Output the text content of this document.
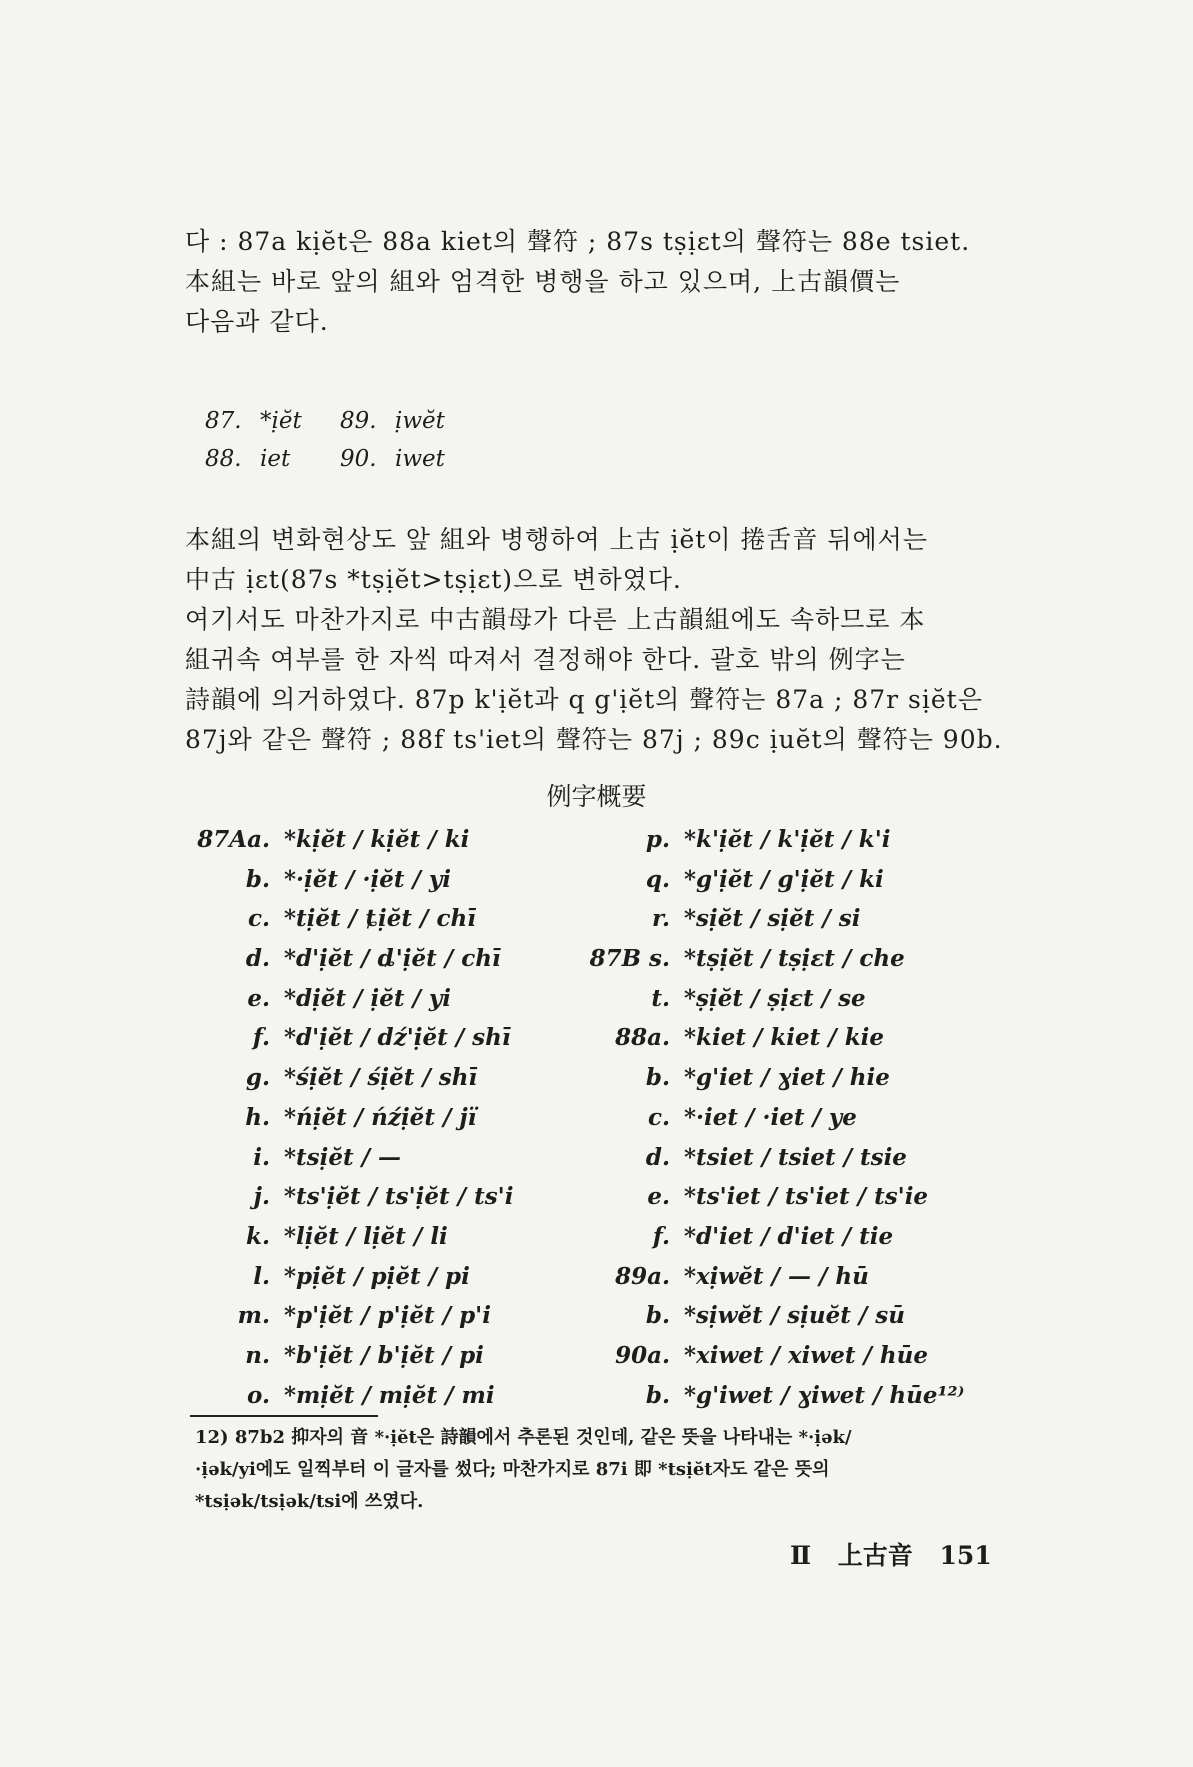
다 : 87a kịĕt은 88a kiet의 聲符 ; 87s tṣịɛt의 聲符는 88e tsiet.
本組는 바로 앞의 組와 엄격한 병행을 하고 있으며, 上古韻價는
다음과 같다.
87. *ịĕt	89. ịwĕt
88. iet	90. iwet
本組의 변화현상도 앞 組와 병행하여 上古 ịĕt이 捲舌音 뒤에서는
中古 ịɛt(87s *tṣịĕt>tṣịɛt)으로 변하였다.
여기서도 마찬가지로 中古韻母가 다른 上古韻組에도 속하므로 本
組귀속 여부를 한 자씩 따져서 결정해야 한다. 괄호 밖의 例字는
詩韻에 의거하였다. 87p k'ịĕt과 q g'ịĕt의 聲符는 87a ; 87r sịĕt은
87j와 같은 聲符 ; 88f ts'iet의 聲符는 87j ; 89c ịuĕt의 聲符는 90b.
例字概要
87Aa. *kịĕt / kịĕt / ki
b. *·ịĕt / ·ịĕt / yi
c. *tịĕt / ȶịĕt / chī
d. *d'ịĕt / ȡ'ịĕt / chī
e. *dịĕt / ịĕt / yi
f. *d'ịĕt / dź'ịĕt / shī
g. *śịĕt / śịĕt / shī
h. *ńịĕt / ńźịĕt / jï
i. *tsịĕt / —
j. *ts'ịĕt / ts'ịĕt / ts'i
k. *lịĕt / lịĕt / li
l. *pịĕt / pịĕt / pi
m. *p'ịĕt / p'ịĕt / p'i
n. *b'ịĕt / b'ịĕt / pi
o. *mịĕt / mịĕt / mi
p. *k'ịĕt / k'ịĕt / k'i
q. *g'ịĕt / g'ịĕt / ki
r. *sịĕt / sịĕt / si
87B s. *tṣịĕt / tṣịɛt / che
t. *ṣịĕt / ṣịɛt / se
88a. *kiet / kiet / kie
b. *g'iet / ɣiet / hie
c. *·iet / ·iet / ye
d. *tsiet / tsiet / tsie
e. *ts'iet / ts'iet / ts'ie
f. *d'iet / d'iet / tie
89a. *xịwĕt / — / hū
b. *sịwĕt / sịuĕt / sū
90a. *xiwet / xiwet / hūe
b. *g'iwet / ɣiwet / hūe¹²⁾
12) 87b2 抑자의 音 *·ịĕt은 詩韻에서 추론된 것인데, 같은 뜻을 나타내는 *·ịək/
·ịək/yi에도 일찍부터 이 글자를 썼다; 마찬가지로 87i 即 *tsịĕt자도 같은 뜻의
*tsịək/tsịək/tsi에 쓰였다.
Ⅱ 上古音 151
